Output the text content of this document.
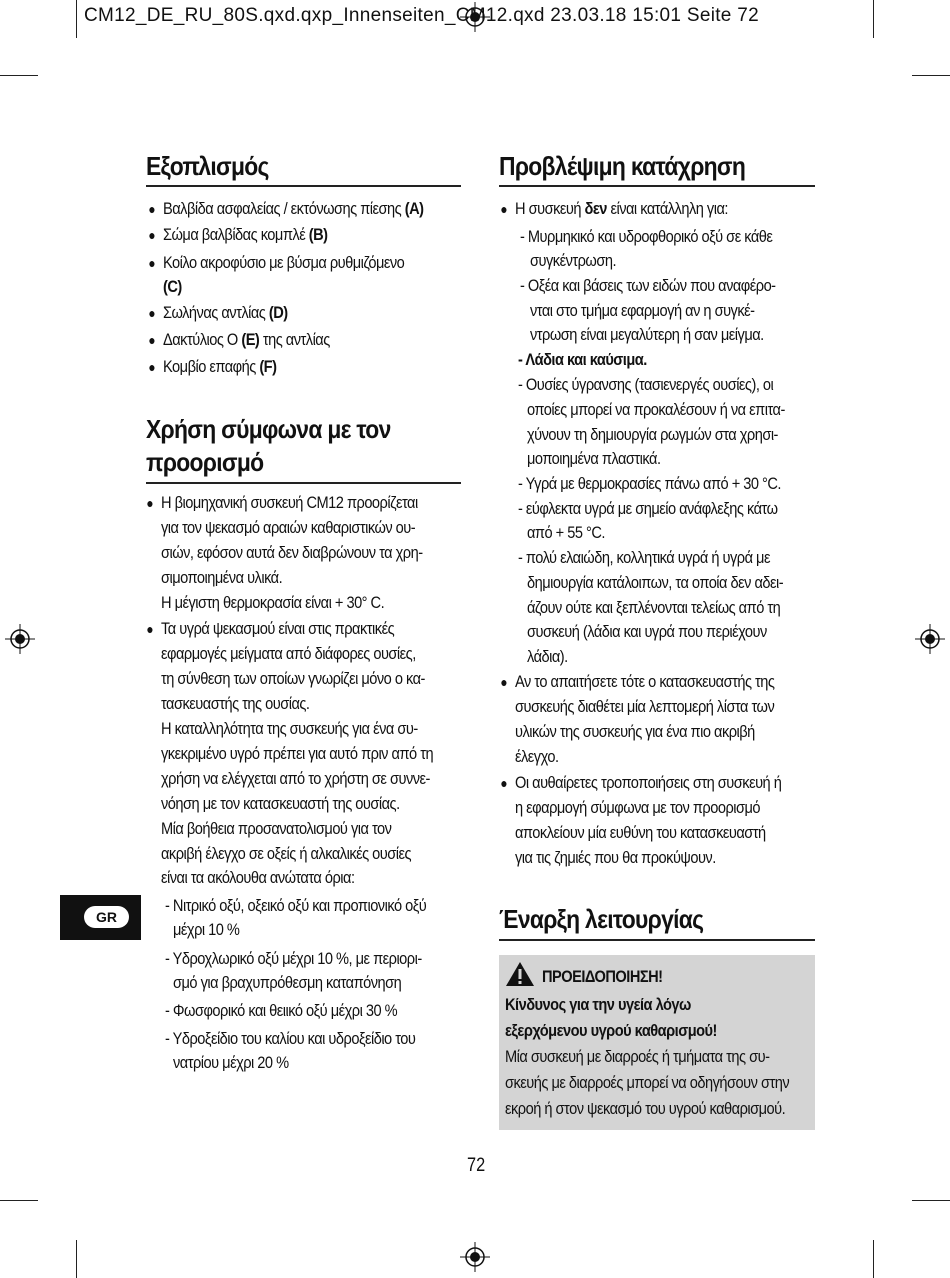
CM12_DE_RU_80S.qxd.qxp_Innenseiten_CM12.qxd 23.03.18 15:01 Seite 72
Εξοπλισμός
● Βαλβίδα ασφαλείας / εκτόνωσης πίεσης (A)
● Σώμα βαλβίδας κομπλέ (B)
● Κοίλο ακροφύσιο με βύσμα ρυθμιζόμενο
(C)
● Σωλήνας αντλίας (D)
● Δακτύλιος O (E) της αντλίας
● Κομβίο επαφής (F)
Χρήση σύμφωνα με τον
προορισμό
● Η βιομηχανική συσκευή CM12 προορίζεται
για τον ψεκασμό αραιών καθαριστικών ου-
σιών, εφόσον αυτά δεν διαβρώνουν τα χρη-
σιμοποιημένα υλικά.
Η μέγιστη θερμοκρασία είναι + 30° C.
● Τα υγρά ψεκασμού είναι στις πρακτικές
εφαρμογές μείγματα από διάφορες ουσίες,
τη σύνθεση των οποίων γνωρίζει μόνο ο κα-
τασκευαστής της ουσίας.
Η καταλληλότητα της συσκευής για ένα συ-
γκεκριμένο υγρό πρέπει για αυτό πριν από τη
χρήση να ελέγχεται από το χρήστη σε συννε-
νόηση με τον κατασκευαστή της ουσίας.
Μία βοήθεια προσανατολισμού για τον
ακριβή έλεγχο σε οξείς ή αλκαλικές ουσίες
είναι τα ακόλουθα ανώτατα όρια:
- Νιτρικό οξύ, οξεικό οξύ και προπιονικό οξύ
μέχρι 10 %
- Υδροχλωρικό οξύ μέχρι 10 %, με περιορι-
σμό για βραχυπρόθεσμη καταπόνηση
- Φωσφορικό και θειικό οξύ μέχρι 30 %
- Υδροξείδιο του καλίου και υδροξείδιο του
νατρίου μέχρι 20 %
GR
Προβλέψιμη κατάχρηση
● Η συσκευή δεν είναι κατάλληλη για:
- Μυρμηκικό και υδροφθορικό οξύ σε κάθε
συγκέντρωση.
- Οξέα και βάσεις των ειδών που αναφέρο-
νται στο τμήμα εφαρμογή αν η συγκέ-
ντρωση είναι μεγαλύτερη ή σαν μείγμα.
- Λάδια και καύσιμα.
- Ουσίες ύγρανσης (τασιενεργές ουσίες), οι
οποίες μπορεί να προκαλέσουν ή να επιτα-
χύνουν τη δημιουργία ρωγμών στα χρησι-
μοποιημένα πλαστικά.
- Υγρά με θερμοκρασίες πάνω από + 30 °C.
- εύφλεκτα υγρά με σημείο ανάφλεξης κάτω
από + 55 °C.
- πολύ ελαιώδη, κολλητικά υγρά ή υγρά με
δημιουργία κατάλοιπων, τα οποία δεν αδει-
άζουν ούτε και ξεπλένονται τελείως από τη
συσκευή (λάδια και υγρά που περιέχουν
λάδια).
● Αν το απαιτήσετε τότε ο κατασκευαστής της
συσκευής διαθέτει μία λεπτομερή λίστα των
υλικών της συσκευής για ένα πιο ακριβή
έλεγχο.
● Οι αυθαίρετες τροποποιήσεις στη συσκευή ή
η εφαρμογή σύμφωνα με τον προορισμό
αποκλείουν μία ευθύνη του κατασκευαστή
για τις ζημιές που θα προκύψουν.
Έναρξη λειτουργίας
ΠΡΟΕΙΔΟΠΟΙΗΣΗ!
Κίνδυνος για την υγεία λόγω
εξερχόμενου υγρού καθαρισμού!
Μία συσκευή με διαρροές ή τμήματα της συ-
σκευής με διαρροές μπορεί να οδηγήσουν στην
εκροή ή στον ψεκασμό του υγρού καθαρισμού.
72
